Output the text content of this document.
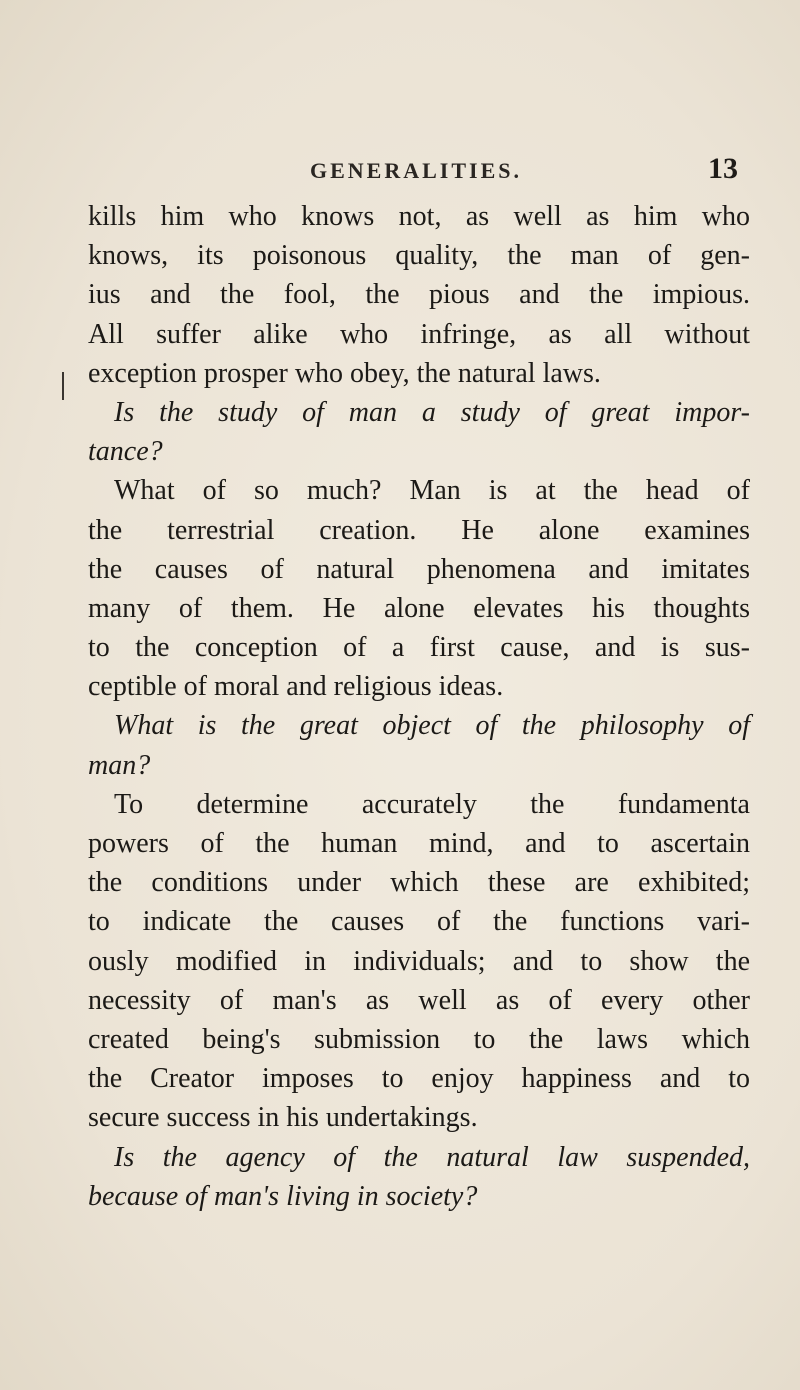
GENERALITIES.	13
kills him who knows not, as well as him who
knows, its poisonous quality, the man of gen-
ius and the fool, the pious and the impious.
All suffer alike who infringe, as all without
exception prosper who obey, the natural laws.
Is the study of man a study of great impor-
tance?
What of so much? Man is at the head of
the terrestrial creation. He alone examines
the causes of natural phenomena and imitates
many of them. He alone elevates his thoughts
to the conception of a first cause, and is sus-
ceptible of moral and religious ideas.
What is the great object of the philosophy of
man?
To determine accurately the fundamenta
powers of the human mind, and to ascertain
the conditions under which these are exhibited;
to indicate the causes of the functions vari-
ously modified in individuals; and to show the
necessity of man's as well as of every other
created being's submission to the laws which
the Creator imposes to enjoy happiness and to
secure success in his undertakings.
Is the agency of the natural law suspended,
because of man's living in society?
